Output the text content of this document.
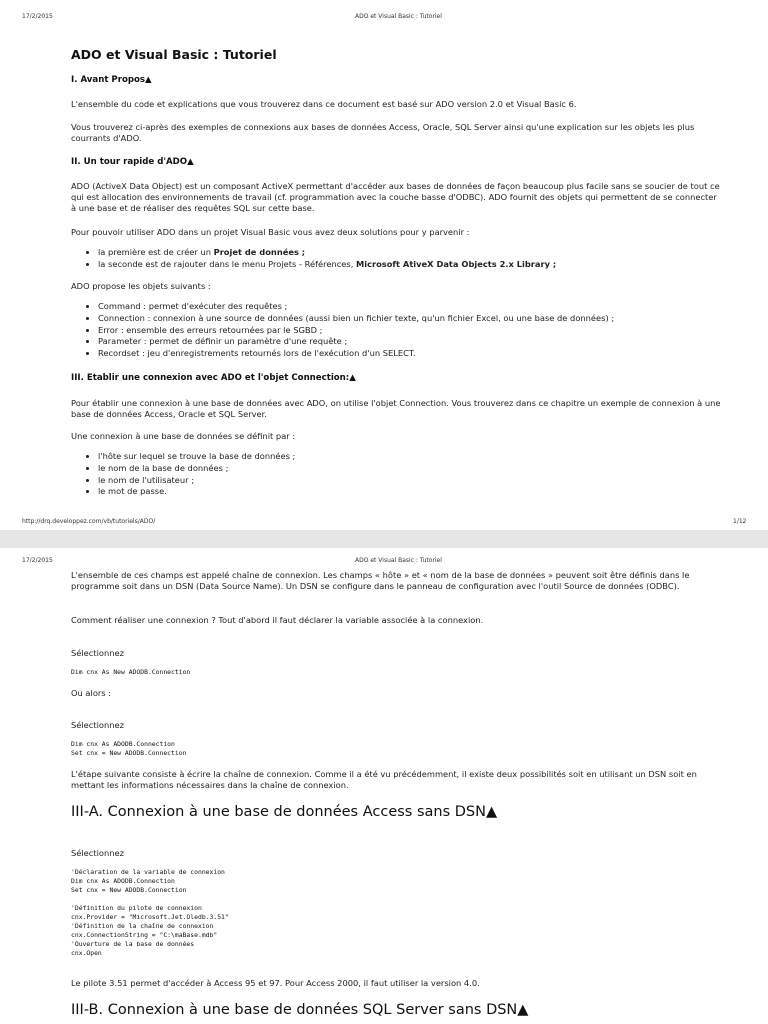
17/2/2015	ADO et Visual Basic : Tutoriel
ADO et Visual Basic : Tutoriel
I. Avant Propos▲

L'ensemble du code et explications que vous trouverez dans ce document est basé sur ADO version 2.0 et Visual Basic 6.

Vous trouverez ci-après des exemples de connexions aux bases de données Access, Oracle, SQL Server ainsi qu'une explication sur les objets les plus courrants d'ADO.

II. Un tour rapide d'ADO▲

ADO (ActiveX Data Object) est un composant ActiveX permettant d'accéder aux bases de données de façon beaucoup plus facile sans se soucier de tout ce qui est allocation des environnements de travail (cf. programmation avec la couche basse d'ODBC). ADO fournit des objets qui permettent de se connecter à une base et de réaliser des requêtes SQL sur cette base.

Pour pouvoir utiliser ADO dans un projet Visual Basic vous avez deux solutions pour y parvenir :

• la première est de créer un Projet de données ;
• la seconde est de rajouter dans le menu Projets - Références, Microsoft AtiveX Data Objects 2.x Library ;

ADO propose les objets suivants :

• Command : permet d'exécuter des requêtes ;
• Connection : connexion à une source de données (aussi bien un fichier texte, qu'un fichier Excel, ou une base de données) ;
• Error : ensemble des erreurs retournées par le SGBD ;
• Parameter : permet de définir un paramètre d'une requête ;
• Recordset : jeu d'enregistrements retournés lors de l'exécution d'un SELECT.
III. Etablir une connexion avec ADO et l'objet Connection:▲

Pour établir une connexion à une base de données avec ADO, on utilise l'objet Connection. Vous trouverez dans ce chapitre un exemple de connexion à une base de données Access, Oracle et SQL Server.

Une connexion à une base de données se définit par :

• l'hôte sur lequel se trouve la base de données ;
• le nom de la base de données ;
• le nom de l'utilisateur ;
• le mot de passe.
http://drq.developpez.com/vb/tutoriels/ADO/	1/12
17/2/2015	ADO et Visual Basic : Tutoriel

L'ensemble de ces champs est appelé chaîne de connexion. Les champs « hôte » et « nom de la base de données » peuvent soit être définis dans le programme soit dans un DSN (Data Source Name). Un DSN se configure dans le panneau de configuration avec l'outil Source de données (ODBC).

Comment réaliser une connexion ? Tout d'abord il faut déclarer la variable associée à la connexion.

Sélectionnez

Dim cnx As New ADODB.Connection

Ou alors :

Sélectionnez

Dim cnx As ADODB.Connection
Set cnx = New ADODB.Connection

L'étape suivante consiste à écrire la chaîne de connexion. Comme il a été vu précédemment, il existe deux possibilités soit en utilisant un DSN soit en mettant les informations nécessaires dans la chaîne de connexion.

III-A. Connexion à une base de données Access sans DSN▲

Sélectionnez

'Déclaration de la variable de connexion
Dim cnx As ADODB.Connection
Set cnx = New ADODB.Connection

'Définition du pilote de connexion
cnx.Provider = "Microsoft.Jet.Oledb.3.51"
'Définition de la chaîne de connexion
cnx.ConnectionString = "C:\maBase.mdb"
'Ouverture de la base de données
cnx.Open

Le pilote 3.51 permet d'accéder à Access 95 et 97. Pour Access 2000, il faut utiliser la version 4.0.

III-B. Connexion à une base de données SQL Server sans DSN▲
